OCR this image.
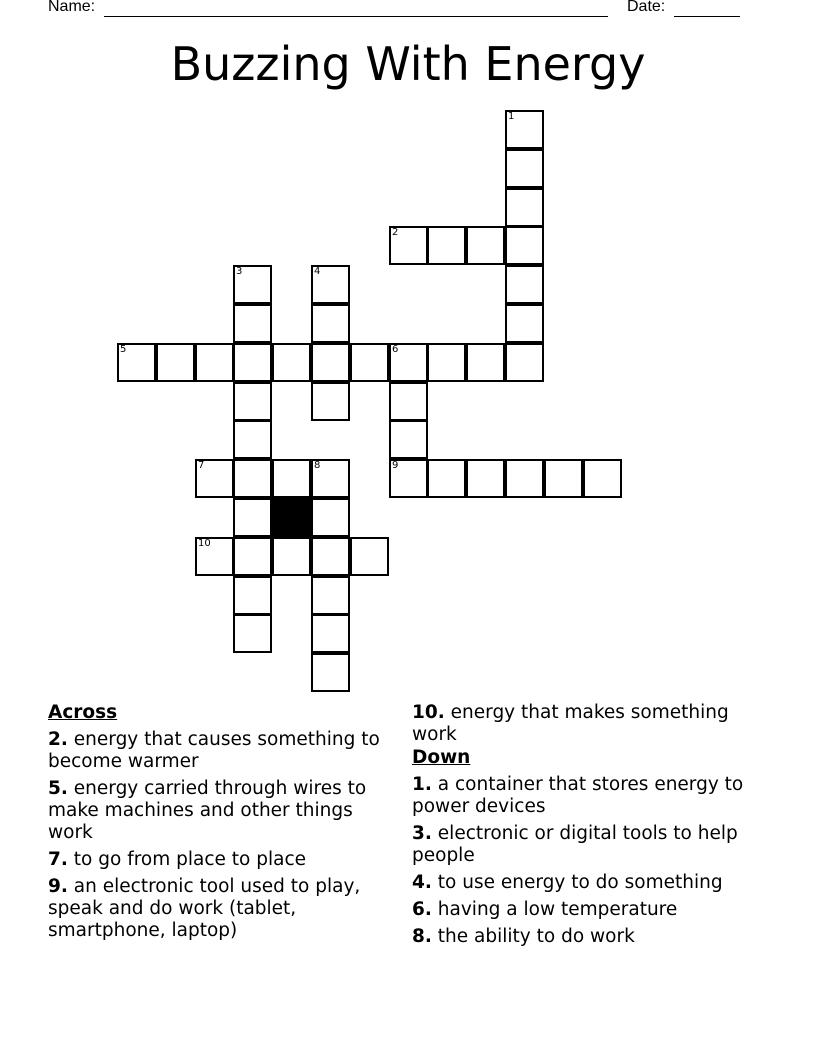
Name:	Date:
Buzzing With Energy
1
2
3	4
5	6
9
7	8
10
Across
2. energy that causes something to become warmer
5. energy carried through wires to make machines and other things work
7. to go from place to place
9. an electronic tool used to play, speak and do work (tablet, smartphone, laptop)
10. energy that makes something work
Down
1. a container that stores energy to power devices
3. electronic or digital tools to help people
4. to use energy to do something
6. having a low temperature
8. the ability to do work
